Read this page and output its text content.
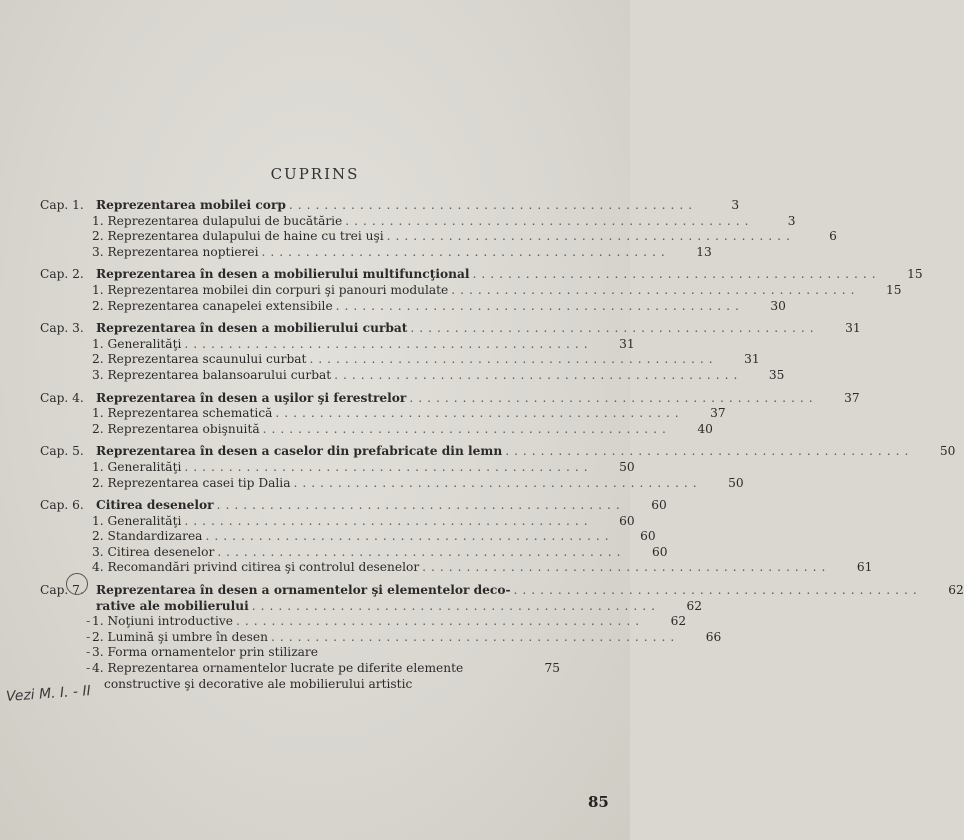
CUPRINS
Cap. 1.	Reprezentarea mobilei corp ..............................................	3
1. Reprezentarea dulapului de bucătărie ..............................................	3
2. Reprezentarea dulapului de haine cu trei uşi ..............................................	6
3. Reprezentarea noptierei ..............................................	13
Cap. 2.	Reprezentarea în desen a mobilierului multifuncţional ..............................................	15
1. Reprezentarea mobilei din corpuri şi panouri modulate ..............................................	15
2. Reprezentarea canapelei extensibile ..............................................	30
Cap. 3.	Reprezentarea în desen a mobilierului curbat ..............................................	31
1. Generalităţi ..............................................	31
2. Reprezentarea scaunului curbat ..............................................	31
3. Reprezentarea balansoarului curbat ..............................................	35
Cap. 4.	Reprezentarea în desen a uşilor şi ferestrelor ..............................................	37
1. Reprezentarea schematică ..............................................	37
2. Reprezentarea obişnuită ..............................................	40
Cap. 5.	Reprezentarea în desen a caselor din prefabricate din lemn ..............................................	50
1. Generalităţi ..............................................	50
2. Reprezentarea casei tip Dalia ..............................................	50
Cap. 6.	Citirea desenelor ..............................................	60
1. Generalităţi ..............................................	60
2. Standardizarea ..............................................	60
3. Citirea desenelor ..............................................	60
4. Recomandări privind citirea şi controlul desenelor ..............................................	61
Cap. 7.	Reprezentarea în desen a ornamentelor şi elementelor deco- ..............................................	62
rative ale mobilierului ..............................................	62
1. Noţiuni introductive ..............................................	62
2. Lumină şi umbre în desen ..............................................	66
3. Forma ornamentelor prin stilizare
4. Reprezentarea ornamentelor lucrate pe diferite elemente	75
constructive şi decorative ale mobilierului artistic
-
-
-
-
Vezi M. I. - II
85
